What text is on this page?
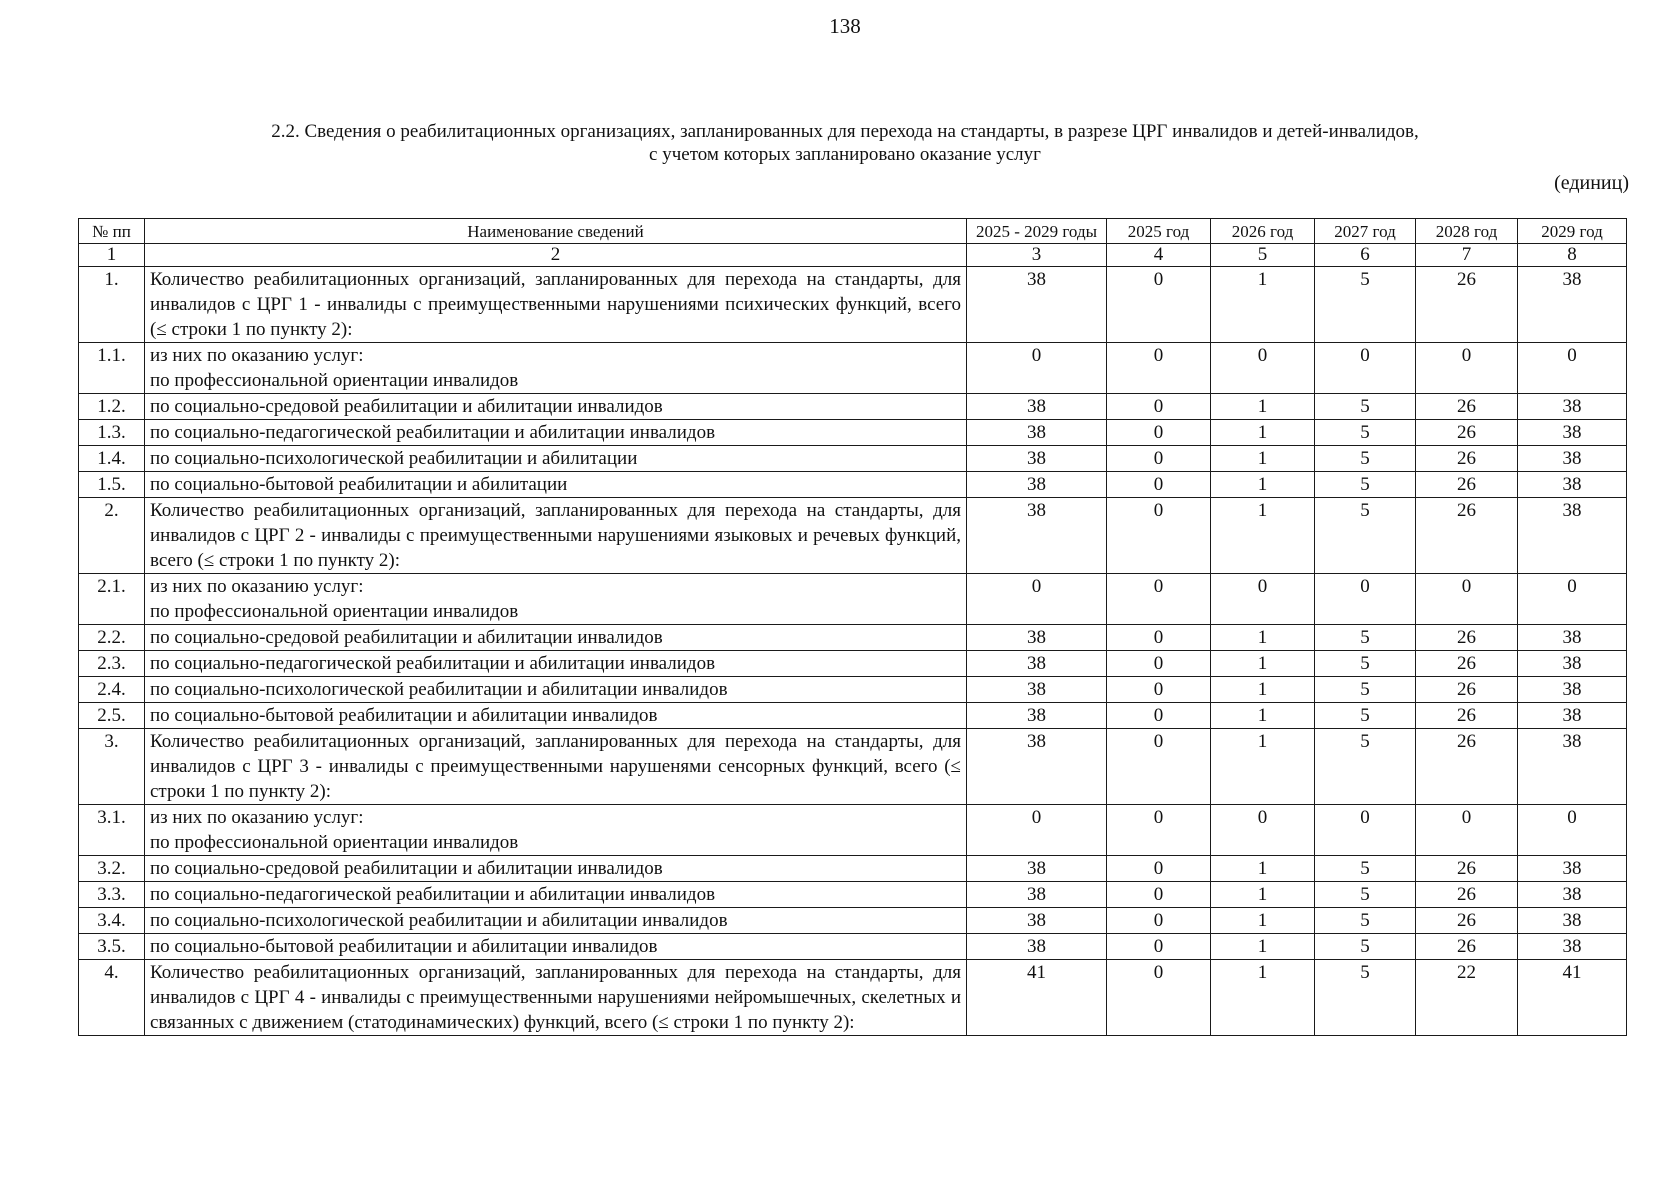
138
2.2. Сведения о реабилитационных организациях, запланированных для перехода на стандарты, в разрезе ЦРГ инвалидов и детей-инвалидов,
с учетом которых запланировано оказание услуг
(единиц)
№ пп	Наименование сведений	2025 - 2029 годы	2025 год	2026 год	2027 год	2028 год	2029 год
1	2	3	4	5	6	7	8
1.	Количество реабилитационных организаций, запланированных для перехода на стандарты, для инвалидов с ЦРГ 1 - инвалиды с преимущественными нарушениями психических функций, всего (≤ строки 1 по пункту 2):	38	0	1	5	26	38
1.1.	из них по оказанию услуг:
по профессиональной ориентации инвалидов	0	0	0	0	0	0
1.2.	по социально-средовой реабилитации и абилитации инвалидов	38	0	1	5	26	38
1.3.	по социально-педагогической реабилитации и абилитации инвалидов	38	0	1	5	26	38
1.4.	по социально-психологической реабилитации и абилитации	38	0	1	5	26	38
1.5.	по социально-бытовой реабилитации и абилитации	38	0	1	5	26	38
2.	Количество реабилитационных организаций, запланированных для перехода на стандарты, для инвалидов с ЦРГ 2 - инвалиды с преимущественными нарушениями языковых и речевых функций, всего (≤ строки 1 по пункту 2):	38	0	1	5	26	38
2.1.	из них по оказанию услуг:
по профессиональной ориентации инвалидов	0	0	0	0	0	0
2.2.	по социально-средовой реабилитации и абилитации инвалидов	38	0	1	5	26	38
2.3.	по социально-педагогической реабилитации и абилитации инвалидов	38	0	1	5	26	38
2.4.	по социально-психологической реабилитации и абилитации инвалидов	38	0	1	5	26	38
2.5.	по социально-бытовой реабилитации и абилитации инвалидов	38	0	1	5	26	38
3.	Количество реабилитационных организаций, запланированных для перехода на стандарты, для инвалидов с ЦРГ 3 - инвалиды с преимущественными нарушенями сенсорных функций, всего (≤ строки 1 по пункту 2):	38	0	1	5	26	38
3.1.	из них по оказанию услуг:
по профессиональной ориентации инвалидов	0	0	0	0	0	0
3.2.	по социально-средовой реабилитации и абилитации инвалидов	38	0	1	5	26	38
3.3.	по социально-педагогической реабилитации и абилитации инвалидов	38	0	1	5	26	38
3.4.	по социально-психологической реабилитации и абилитации инвалидов	38	0	1	5	26	38
3.5.	по социально-бытовой реабилитации и абилитации инвалидов	38	0	1	5	26	38
4.	Количество реабилитационных организаций, запланированных для перехода на стандарты, для инвалидов с ЦРГ 4 - инвалиды с преимущественными нарушениями нейромышечных, скелетных и связанных с движением (статодинамических) функций, всего (≤ строки 1 по пункту 2):	41	0	1	5	22	41
